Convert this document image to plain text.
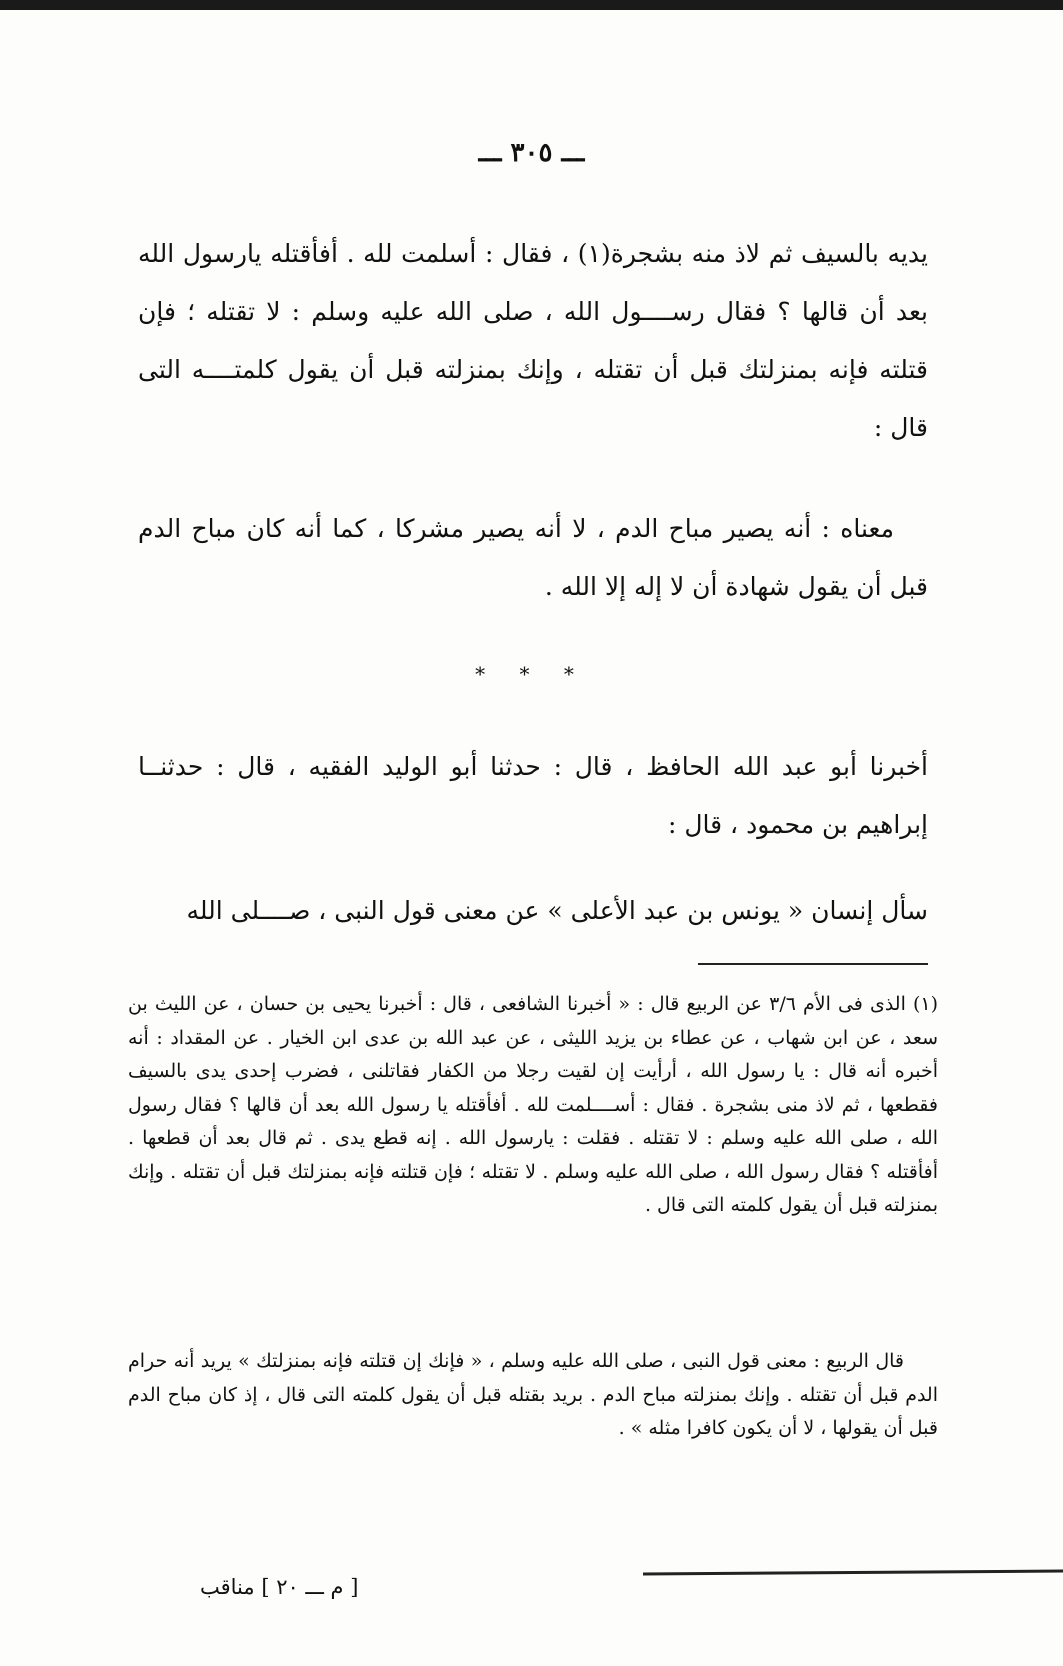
ـــ ٣٠٥ ـــ
يديه بالسيف ثم لاذ منه بشجرة(١) ، فقال : أسلمت لله . أفأقتله يارسول الله بعد أن قالها ؟ فقال رســــول الله ، صلى الله عليه وسلم : لا تقتله ؛ فإن قتلته فإنه بمنزلتك قبل أن تقتله ، وإنك بمنزلته قبل أن يقول كلمتــــه التى قال :
معناه : أنه يصير مباح الدم ، لا أنه يصير مشركا ، كما أنه كان مباح الدم قبل أن يقول شهادة أن لا إله إلا الله .
* * *
أخبرنا أبو عبد الله الحافظ ، قال : حدثنا أبو الوليد الفقيه ، قال : حدثنــا إبراهيم بن محمود ، قال :
سأل إنسان « يونس بن عبد الأعلى » عن معنى قول النبى ، صــــلى الله
(١) الذى فى الأم ٣/٦ عن الربيع قال : « أخبرنا الشافعى ، قال : أخبرنا يحيى بن حسان ، عن الليث بن سعد ، عن ابن شهاب ، عن عطاء بن يزيد الليثى ، عن عبد الله بن عدى ابن الخيار . عن المقداد : أنه أخبره أنه قال : يا رسول الله ، أرأيت إن لقيت رجلا من الكفار فقاتلنى ، فضرب إحدى يدى بالسيف فقطعها ، ثم لاذ منى بشجرة . فقال : أســــلمت لله . أفأقتله يا رسول الله بعد أن قالها ؟ فقال رسول الله ، صلى الله عليه وسلم : لا تقتله . فقلت : يارسول الله . إنه قطع يدى . ثم قال بعد أن قطعها . أفأقتله ؟ فقال رسول الله ، صلى الله عليه وسلم . لا تقتله ؛ فإن قتلته فإنه بمنزلتك قبل أن تقتله . وإنك بمنزلته قبل أن يقول كلمته التى قال .
قال الربيع : معنى قول النبى ، صلى الله عليه وسلم ، « فإنك إن قتلته فإنه بمنزلتك » يريد أنه حرام الدم قبل أن تقتله . وإنك بمنزلته مباح الدم . بريد بقتله قبل أن يقول كلمته التى قال ، إذ كان مباح الدم قبل أن يقولها ، لا أن يكون كافرا مثله » .
[ م ـــ ٢٠ ] مناقب
